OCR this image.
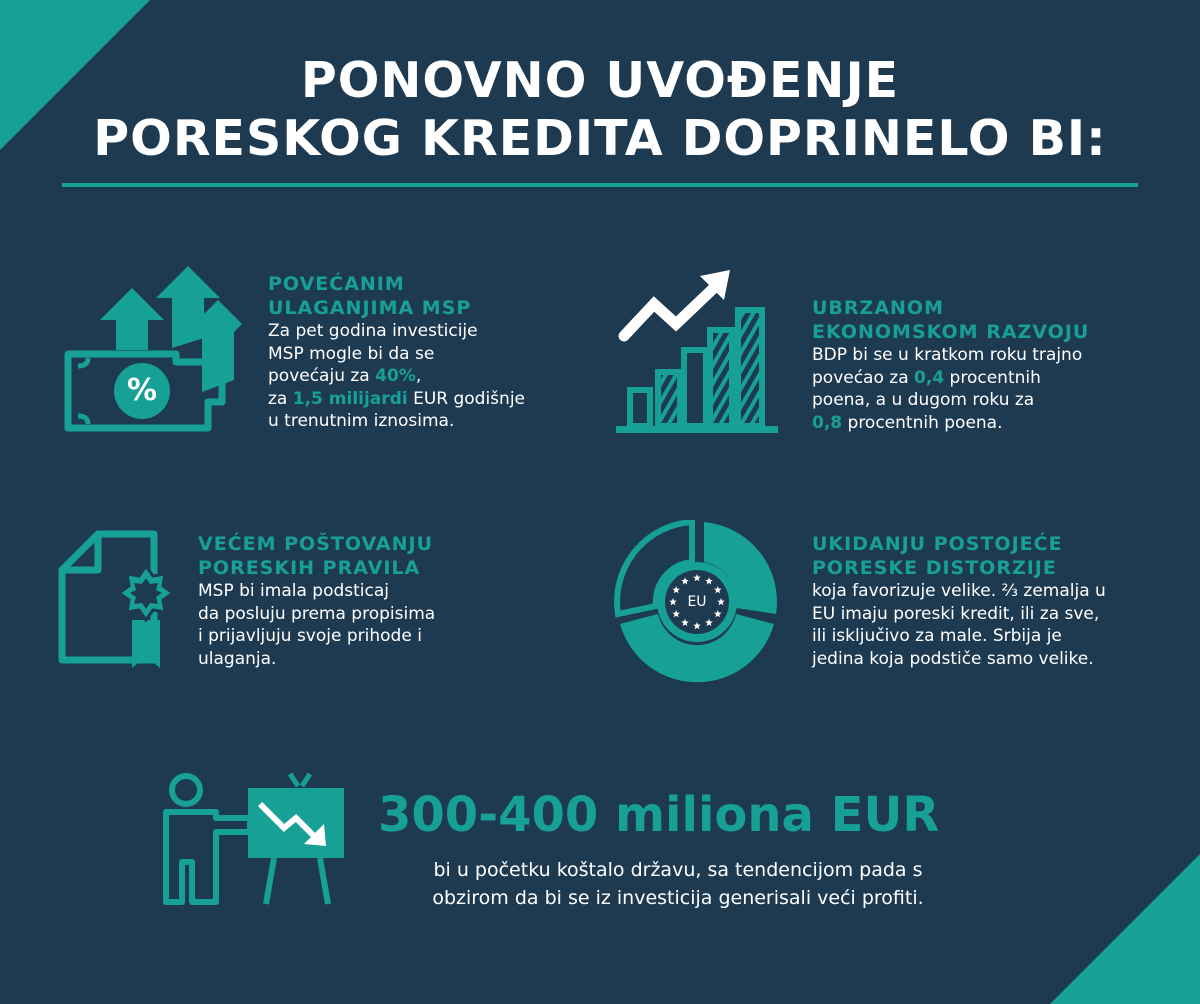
PONOVNO UVOĐENJE
PORESKOG KREDITA DOPRINELO BI:
%
POVEĆANIM
ULAGANJIMA MSP
Za pet godina investicije
MSP mogle bi da se
povećaju za 40%,
za 1,5 milijardi EUR godišnje
u trenutnim iznosima.
UBRZANOM
EKONOMSKOM RAZVOJU
BDP bi se u kratkom roku trajno
povećao za 0,4 procentnih
poena, a u dugom roku za
0,8 procentnih poena.
VEĆEM POŠTOVANJU
PORESKIH PRAVILA
MSP bi imala podsticaj
da posluju prema propisima
i prijavljuju svoje prihode i
ulaganja.
EU
UKIDANJU POSTOJEĆE
PORESKE DISTORZIJE
koja favorizuje velike. ⅔ zemalja u
EU imaju poreski kredit, ili za sve,
ili isključivo za male. Srbija je
jedina koja podstiče samo velike.
300-400 miliona EUR
bi u početku koštalo državu, sa tendencijom pada s
obzirom da bi se iz investicija generisali veći profiti.
